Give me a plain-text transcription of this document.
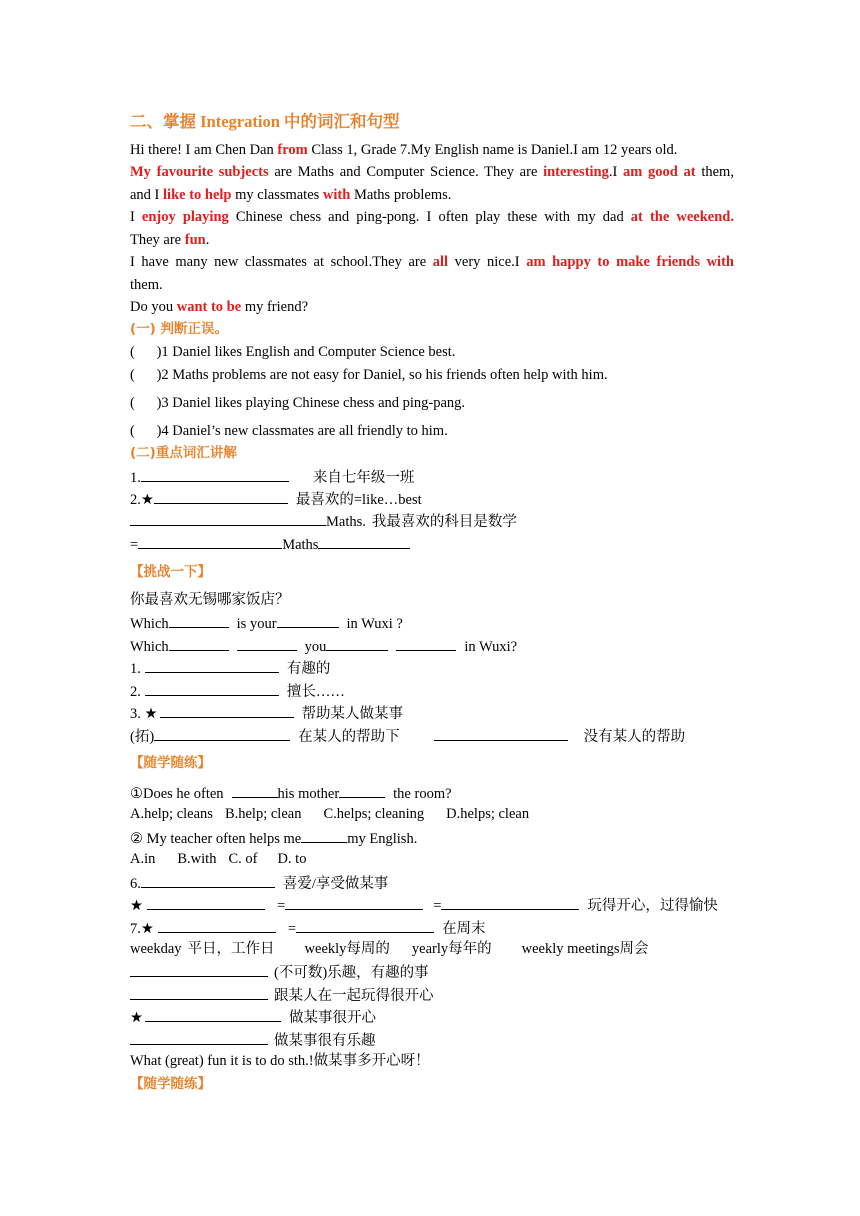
二、掌握 Integration 中的词汇和句型
Hi there! I am Chen Dan from Class 1, Grade 7.My English name is Daniel.I am 12 years old.
My favourite subjects are Maths and Computer Science. They are interesting.I am good at them,
and I like to help my classmates with Maths problems.
I enjoy playing Chinese chess and ping-pong. I often play these with my dad at the weekend.
They are fun.
I have many new classmates at school.They are all very nice.I am happy to make friends with
them.
Do you want to be my friend?
(一) 判断正误。
(      )1 Daniel likes English and Computer Science best.
(      )2 Maths problems are not easy for Daniel, so his friends often help with him.
(      )3 Daniel likes playing Chinese chess and ping-pang.
(      )4 Daniel’s new classmates are all friendly to him.
(二)重点词汇讲解
1.	来自七年级一班
2.★	最喜欢的=like…best
Maths. 我最喜欢的科目是数学
=	Maths
【挑战一下】
你最喜欢无锡哪家饭店？
Which	is your	in Wuxi ?
Which	you	in Wuxi?
1.	有趣的
2.	擅长……
3. ★	帮助某人做某事
(拓)	在某人的帮助下	没有某人的帮助
【随学随练】
①Does he often	his mother	the room?
A.help; cleans B.help; clean C.helps; cleaning D.helps; clean
② My teacher often helps me	my English.
A.in B.with C. of D. to
6.	喜爱/享受做某事
★	=	=	玩得开心，过得愉快
7.★	=	在周末
weekday 平日，工作日 weekly每周的 yearly每年的 weekly meetings周会
(不可数)乐趣，有趣的事
跟某人在一起玩得很开心
★	做某事很开心
做某事很有乐趣
What (great) fun it is to do sth.!做某事多开心呀！
【随学随练】
